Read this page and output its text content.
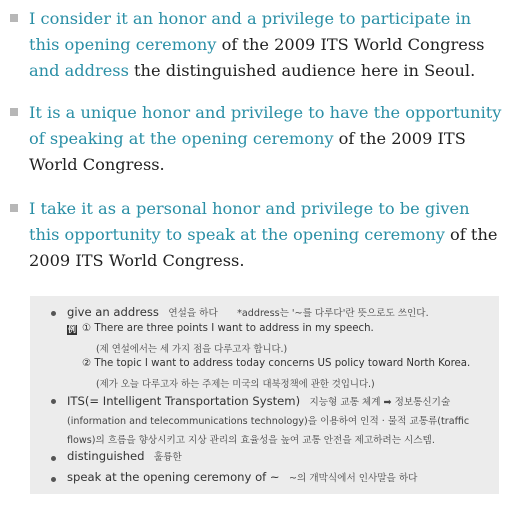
I consider it an honor and a privilege to participate in this opening ceremony of the 2009 ITS World Congress and address the distinguished audience here in Seoul.
It is a unique honor and privilege to have the opportunity of speaking at the opening ceremony of the 2009 ITS World Congress.
I take it as a personal honor and privilege to be given this opportunity to speak at the opening ceremony of the 2009 ITS World Congress.
give an address 연설을 하다 *address는 '~를 다루다'란 뜻으로도 쓰인다.
例 ① There are three points I want to address in my speech.
(제 연설에서는 세 가지 점을 다루고자 합니다.)
② The topic I want to address today concerns US policy toward North Korea.
(제가 오늘 다루고자 하는 주제는 미국의 대북정책에 관한 것입니다.)
ITS(= Intelligent Transportation System) 지능형 교통 체계 ➡ 정보통신기술 (information and telecommunications technology)을 이용하여 인적 · 물적 교통류(traffic flows)의 흐름을 향상시키고 지상 관리의 효율성을 높여 교통 안전을 제고하려는 시스템.
distinguished 훌륭한
speak at the opening ceremony of ~ ~의 개막식에서 인사말을 하다
